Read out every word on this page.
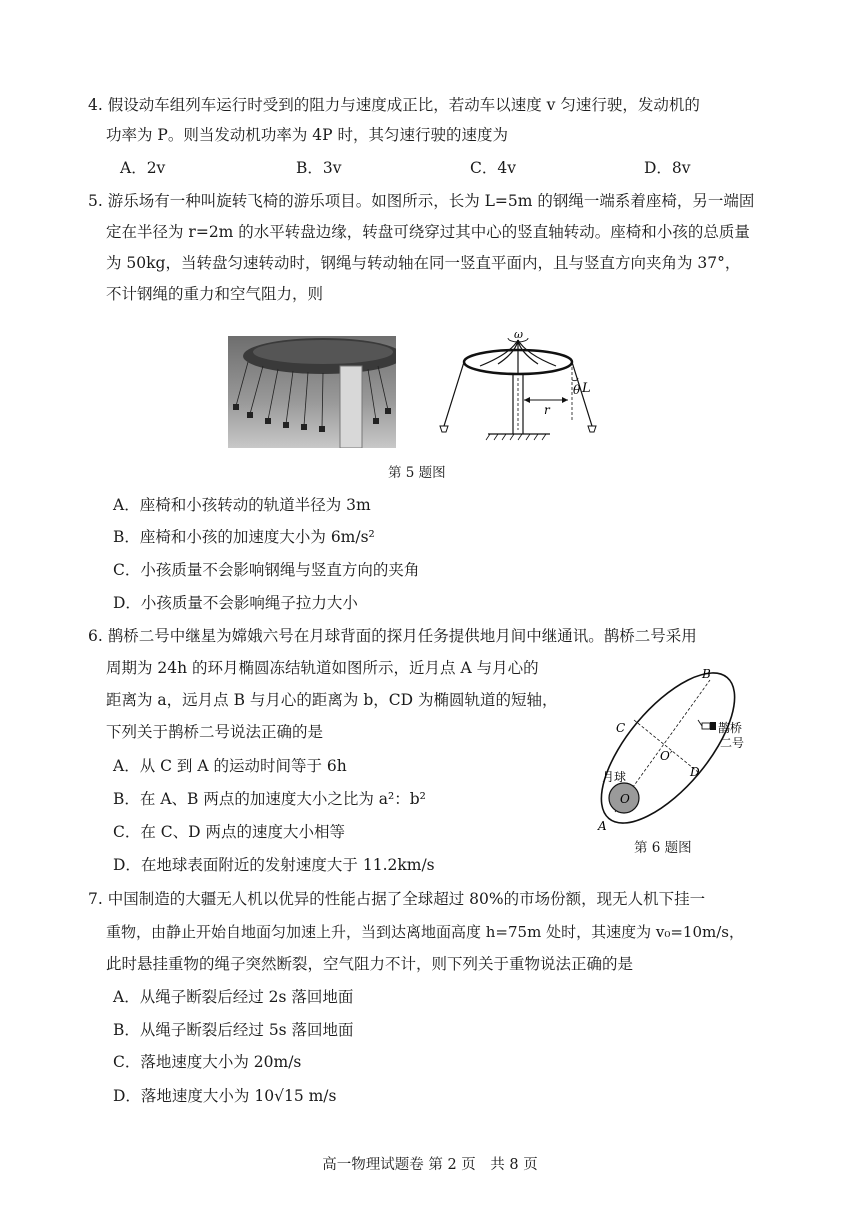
4. 假设动车组列车运行时受到的阻力与速度成正比，若动车以速度 v 匀速行驶，发动机的
功率为 P。则当发动机功率为 4P 时，其匀速行驶的速度为
A．2v	B．3v	C．4v	D．8v
5. 游乐场有一种叫旋转飞椅的游乐项目。如图所示，长为 L=5m 的钢绳一端系着座椅，另一端固
定在半径为 r=2m 的水平转盘边缘，转盘可绕穿过其中心的竖直轴转动。座椅和小孩的总质量
为 50kg，当转盘匀速转动时，钢绳与转动轴在同一竖直平面内，且与竖直方向夹角为 37°，
不计钢绳的重力和空气阻力，则
ω
r
θ L
第 5 题图
A．座椅和小孩转动的轨道半径为 3m
B．座椅和小孩的加速度大小为 6m/s²
C．小孩质量不会影响钢绳与竖直方向的夹角
D．小孩质量不会影响绳子拉力大小
6. 鹊桥二号中继星为嫦娥六号在月球背面的探月任务提供地月间中继通讯。鹊桥二号采用
周期为 24h 的环月椭圆冻结轨道如图所示，近月点 A 与月心的
距离为 a，远月点 B 与月心的距离为 b，CD 为椭圆轨道的短轴，
下列关于鹊桥二号说法正确的是
A．从 C 到 A 的运动时间等于 6h
B．在 A、B 两点的加速度大小之比为 a²：b²
C．在 C、D 两点的速度大小相等
D．在地球表面附近的发射速度大于 11.2km/s
B
C
O′
D
月球
O
A
鹊桥
二号
第 6 题图
7. 中国制造的大疆无人机以优异的性能占据了全球超过 80%的市场份额，现无人机下挂一
重物，由静止开始自地面匀加速上升，当到达离地面高度 h=75m 处时，其速度为 v₀=10m/s，
此时悬挂重物的绳子突然断裂，空气阻力不计，则下列关于重物说法正确的是
A．从绳子断裂后经过 2s 落回地面
B．从绳子断裂后经过 5s 落回地面
C．落地速度大小为 20m/s
D．落地速度大小为 10√15 m/s
高一物理试题卷 第 2 页　共 8 页
